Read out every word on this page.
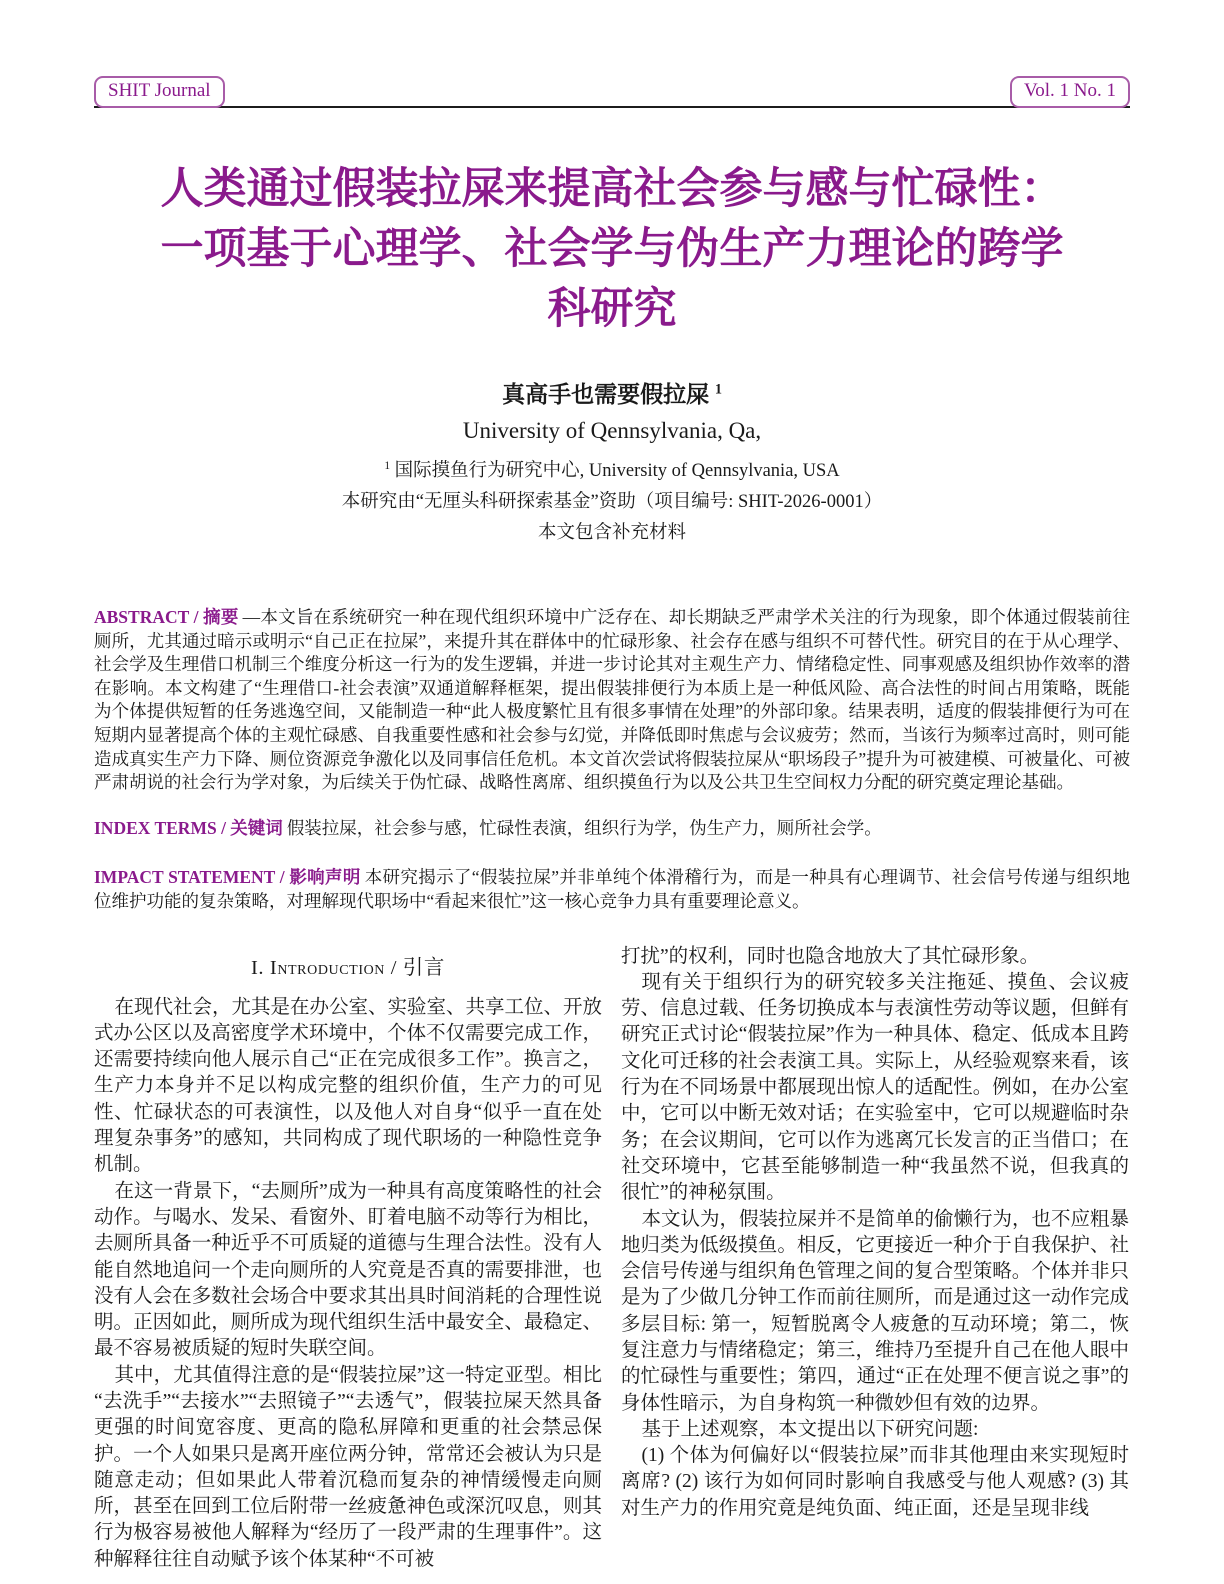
SHIT Journal	Vol. 1 No. 1
人类通过假装拉屎来提高社会参与感与忙碌性：
一项基于心理学、社会学与伪生产力理论的跨学
科研究
真高手也需要假拉屎 $^1$
University of Qennsylvania, Qa,
$^1$ 国际摸鱼行为研究中心, University of Qennsylvania, USA
本研究由“无厘头科研探索基金”资助（项目编号: SHIT-2026-0001）
本文包含补充材料

ABSTRACT / 摘要 —本文旨在系统研究一种在现代组织环境中广泛存在、却长期缺乏严肃学术关注的行为现象，即个体通过假装前往厕所，尤其通过暗示或明示“自己正在拉屎”，来提升其在群体中的忙碌形象、社会存在感与组织不可替代性。研究目的在于从心理学、社会学及生理借口机制三个维度分析这一行为的发生逻辑，并进一步讨论其对主观生产力、情绪稳定性、同事观感及组织协作效率的潜在影响。本文构建了“生理借口-社会表演”双通道解释框架，提出假装排便行为本质上是一种低风险、高合法性的时间占用策略，既能为个体提供短暂的任务逃逸空间，又能制造一种“此人极度繁忙且有很多事情在处理”的外部印象。结果表明，适度的假装排便行为可在短期内显著提高个体的主观忙碌感、自我重要性感和社会参与幻觉，并降低即时焦虑与会议疲劳；然而，当该行为频率过高时，则可能造成真实生产力下降、厕位资源竞争激化以及同事信任危机。本文首次尝试将假装拉屎从“职场段子”提升为可被建模、可被量化、可被严肃胡说的社会行为学对象，为后续关于伪忙碌、战略性离席、组织摸鱼行为以及公共卫生空间权力分配的研究奠定理论基础。

INDEX TERMS / 关键词 假装拉屎，社会参与感，忙碌性表演，组织行为学，伪生产力，厕所社会学。

IMPACT STATEMENT / 影响声明 本研究揭示了“假装拉屎”并非单纯个体滑稽行为，而是一种具有心理调节、社会信号传递与组织地位维护功能的复杂策略，对理解现代职场中“看起来很忙”这一核心竞争力具有重要理论意义。

I. Introduction / 引言

在现代社会，尤其是在办公室、实验室、共享工位、开放式办公区以及高密度学术环境中，个体不仅需要完成工作，还需要持续向他人展示自己“正在完成很多工作”。换言之，生产力本身并不足以构成完整的组织价值，生产力的可见性、忙碌状态的可表演性，以及他人对自身“似乎一直在处理复杂事务”的感知，共同构成了现代职场的一种隐性竞争机制。

在这一背景下，“去厕所”成为一种具有高度策略性的社会动作。与喝水、发呆、看窗外、盯着电脑不动等行为相比，去厕所具备一种近乎不可质疑的道德与生理合法性。没有人能自然地追问一个走向厕所的人究竟是否真的需要排泄，也没有人会在多数社会场合中要求其出具时间消耗的合理性说明。正因如此，厕所成为现代组织生活中最安全、最稳定、最不容易被质疑的短时失联空间。

其中，尤其值得注意的是“假装拉屎”这一特定亚型。相比“去洗手”“去接水”“去照镜子”“去透气”，假装拉屎天然具备更强的时间宽容度、更高的隐私屏障和更重的社会禁忌保护。一个人如果只是离开座位两分钟，常常还会被认为只是随意走动；但如果此人带着沉稳而复杂的神情缓慢走向厕所，甚至在回到工位后附带一丝疲惫神色或深沉叹息，则其行为极容易被他人解释为“经历了一段严肃的生理事件”。这种解释往往自动赋予该个体某种“不可被

打扰”的权利，同时也隐含地放大了其忙碌形象。

现有关于组织行为的研究较多关注拖延、摸鱼、会议疲劳、信息过载、任务切换成本与表演性劳动等议题，但鲜有研究正式讨论“假装拉屎”作为一种具体、稳定、低成本且跨文化可迁移的社会表演工具。实际上，从经验观察来看，该行为在不同场景中都展现出惊人的适配性。例如，在办公室中，它可以中断无效对话；在实验室中，它可以规避临时杂务；在会议期间，它可以作为逃离冗长发言的正当借口；在社交环境中，它甚至能够制造一种“我虽然不说，但我真的很忙”的神秘氛围。

本文认为，假装拉屎并不是简单的偷懒行为，也不应粗暴地归类为低级摸鱼。相反，它更接近一种介于自我保护、社会信号传递与组织角色管理之间的复合型策略。个体并非只是为了少做几分钟工作而前往厕所，而是通过这一动作完成多层目标: 第一，短暂脱离令人疲惫的互动环境；第二，恢复注意力与情绪稳定；第三，维持乃至提升自己在他人眼中的忙碌性与重要性；第四，通过“正在处理不便言说之事”的身体性暗示，为自身构筑一种微妙但有效的边界。

基于上述观察，本文提出以下研究问题:

(1) 个体为何偏好以“假装拉屎”而非其他理由来实现短时离席? (2) 该行为如何同时影响自我感受与他人观感? (3) 其对生产力的作用究竟是纯负面、纯正面，还是呈现非线
